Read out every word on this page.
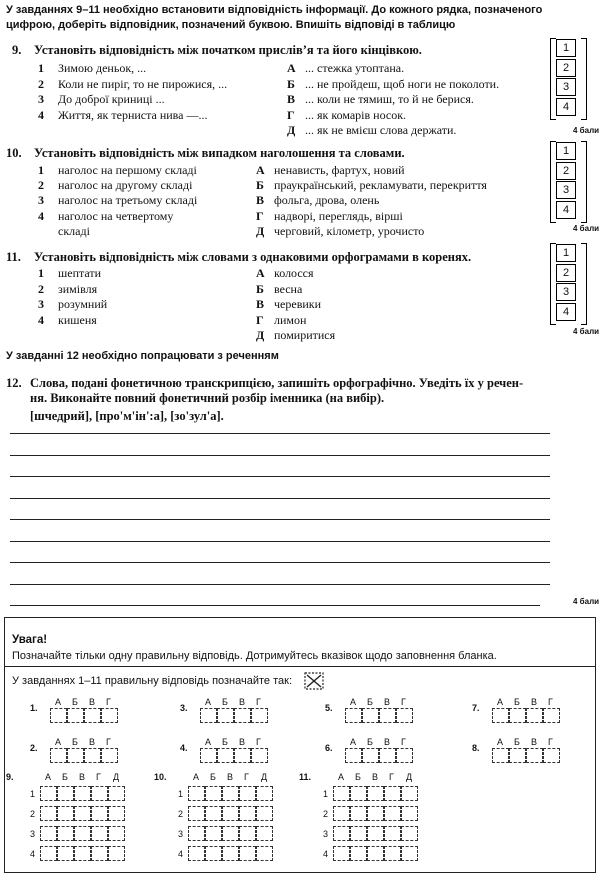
У завданнях 9–11 необхідно встановити відповідність інформації. До кожного рядка, позначеного цифрою, доберіть відповідник, позначений буквою. Впишіть відповіді в таблицю
9. Установіть відповідність між початком прислів’я та його кінцівкою.
1 Зимою деньок, ...
2 Коли не пиріг, то не пирожися, ...
3 До доброї криниці ...
4 Життя, як терниста нива —...
А ... стежка утоптана.
Б ... не пройдеш, щоб ноги не поколоти.
В ... коли не тямиш, то й не берися.
Г ... як комарів носок.
Д ... як не вмієш слова держати.
10. Установіть відповідність між випадком наголошення та словами.
1 наголос на першому складі
2 наголос на другому складі
3 наголос на третьому складі
4 наголос на четвертому
складі
А ненависть, фартух, новий
Б праукраїнський, рекламувати, перекриття
В фольга, дрова, олень
Г надворі, переглядь, вірші
Д черговий, кілометр, урочисто
11. Установіть відповідність між словами з однаковими орфограмами в коренях.
1 шептати
2 зимівля
3 розумний
4 кишеня
А колосся
Б весна
В черевики
Г лимон
Д помиритися
1
2
3
4
1
2
3
4
1
2
3
4
4 бали
4 бали
4 бали
У завданні 12 необхідно попрацювати з реченням
12. Слова, подані фонетичною транскрипцією, запишіть орфографічно. Уведіть їх у речен-
ня. Виконайте повний фонетичний розбір іменника (на вибір).
[шчедрий], [про'м'ін':а], [зо'зул'а].
4 бали
Увага!
Позначайте тільки одну правильну відповідь. Дотримуйтесь вказівок щодо заповнення бланка.
У завданнях 1–11 правильну відповідь позначайте так:
1.
А Б В Г
3.
А Б В Г
5.
А Б В Г
7.
А Б В Г
2.
А Б В Г
4.
А Б В Г
6.
А Б В Г
8.
А Б В Г
9.	А Б В Г Д
1
2
3
4
10.	А Б В Г Д
1
2
3
4
11.	А Б В Г Д
1
2
3
4
